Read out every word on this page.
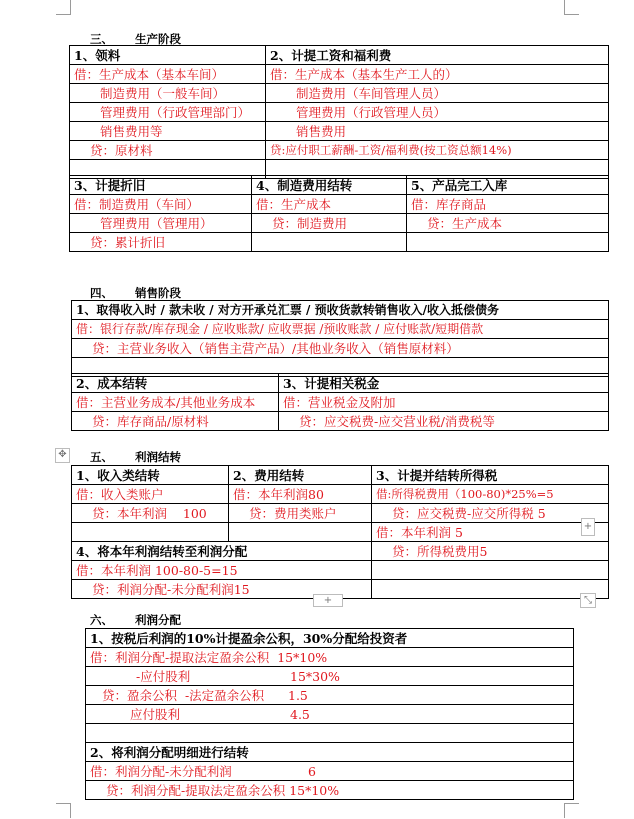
三、 生产阶段
1、领料	2、计提工资和福利费
借：生产成本（基本车间）	借：生产成本（基本生产工人的）
制造费用（一般车间）	制造费用（车间管理人员）
管理费用（行政管理部门）	管理费用（行政管理人员）
销售费用等	销售费用
贷：原材料	贷:应付职工薪酬-工资/福利费(按工资总额14%)

3、计提折旧	4、制造费用结转	5、产品完工入库
借：制造费用（车间）	借：生产成本	借：库存商品
管理费用（管理用）	贷：制造费用	贷：生产成本
贷：累计折旧		
四、 销售阶段
1、取得收入时 / 款未收 / 对方开承兑汇票 / 预收货款转销售收入/收入抵偿债务
借：银行存款/库存现金 / 应收账款/ 应收票据 /预收账款 / 应付账款/短期借款
贷：主营业务收入（销售主营产品）/其他业务收入（销售原材料）

2、成本结转	3、计提相关税金
借：主营业务成本/其他业务成本	借：营业税金及附加
贷：库存商品/原材料	贷：应交税费-应交营业税/消费税等
✥ 五、 利润结转
1、收入类结转	2、费用结转	3、计提并结转所得税
借：收入类账户	借：本年利润80	借:所得税费用（100-80)*25%=5
贷：本年利润    100	贷：费用类账户	贷：应交税费-应交所得税 5
		借：本年利润 5
4、将本年利润结转至利润分配		贷：所得税费用5
借：本年利润 100-80-5=15		
贷：利润分配-未分配利润15		
+
+	⤡
六、 利润分配
1、按税后利润的10%计提盈余公积，30%分配给投资者
借：利润分配-提取法定盈余公积 15*10%
-应付股利	15*30%
贷：盈余公积  -法定盈余公积 1.5
应付股利	4.5

2、将利润分配明细进行结转
借：利润分配-未分配利润	6
贷：利润分配-提取法定盈余公积 15*10%
